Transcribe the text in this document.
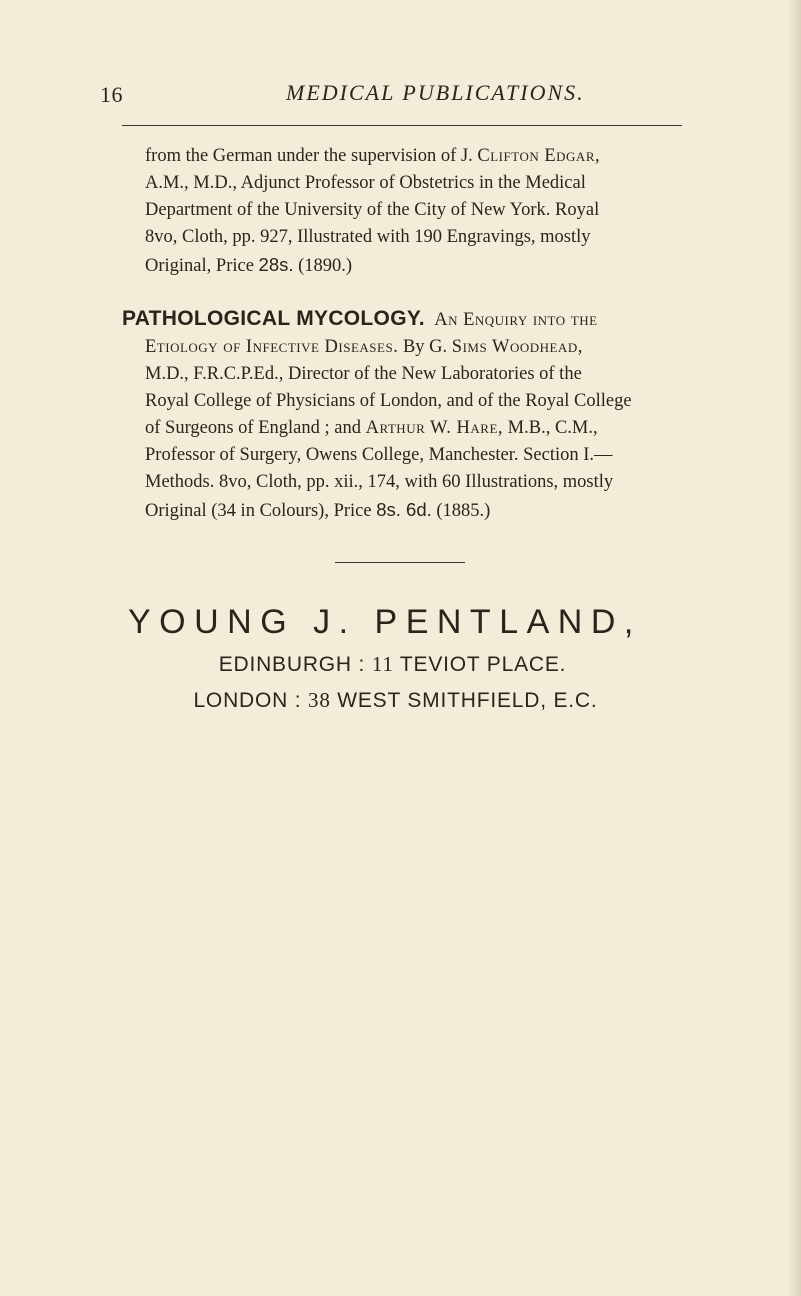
16	MEDICAL PUBLICATIONS.
from the German under the supervision of J. Clifton Edgar,
A.M., M.D., Adjunct Professor of Obstetrics in the Medical
Department of the University of the City of New York. Royal
8vo, Cloth, pp. 927, Illustrated with 190 Engravings, mostly
Original, Price 28s. (1890.)
PATHOLOGICAL MYCOLOGY. An Enquiry into the
Etiology of Infective Diseases. By G. Sims Woodhead,
M.D., F.R.C.P.Ed., Director of the New Laboratories of the
Royal College of Physicians of London, and of the Royal College
of Surgeons of England ; and Arthur W. Hare, M.B., C.M.,
Professor of Surgery, Owens College, Manchester. Section I.—
Methods. 8vo, Cloth, pp. xii., 174, with 60 Illustrations, mostly
Original (34 in Colours), Price 8s. 6d. (1885.)
YOUNG J. PENTLAND,
EDINBURGH : 11 TEVIOT PLACE.
LONDON : 38 WEST SMITHFIELD, E.C.
